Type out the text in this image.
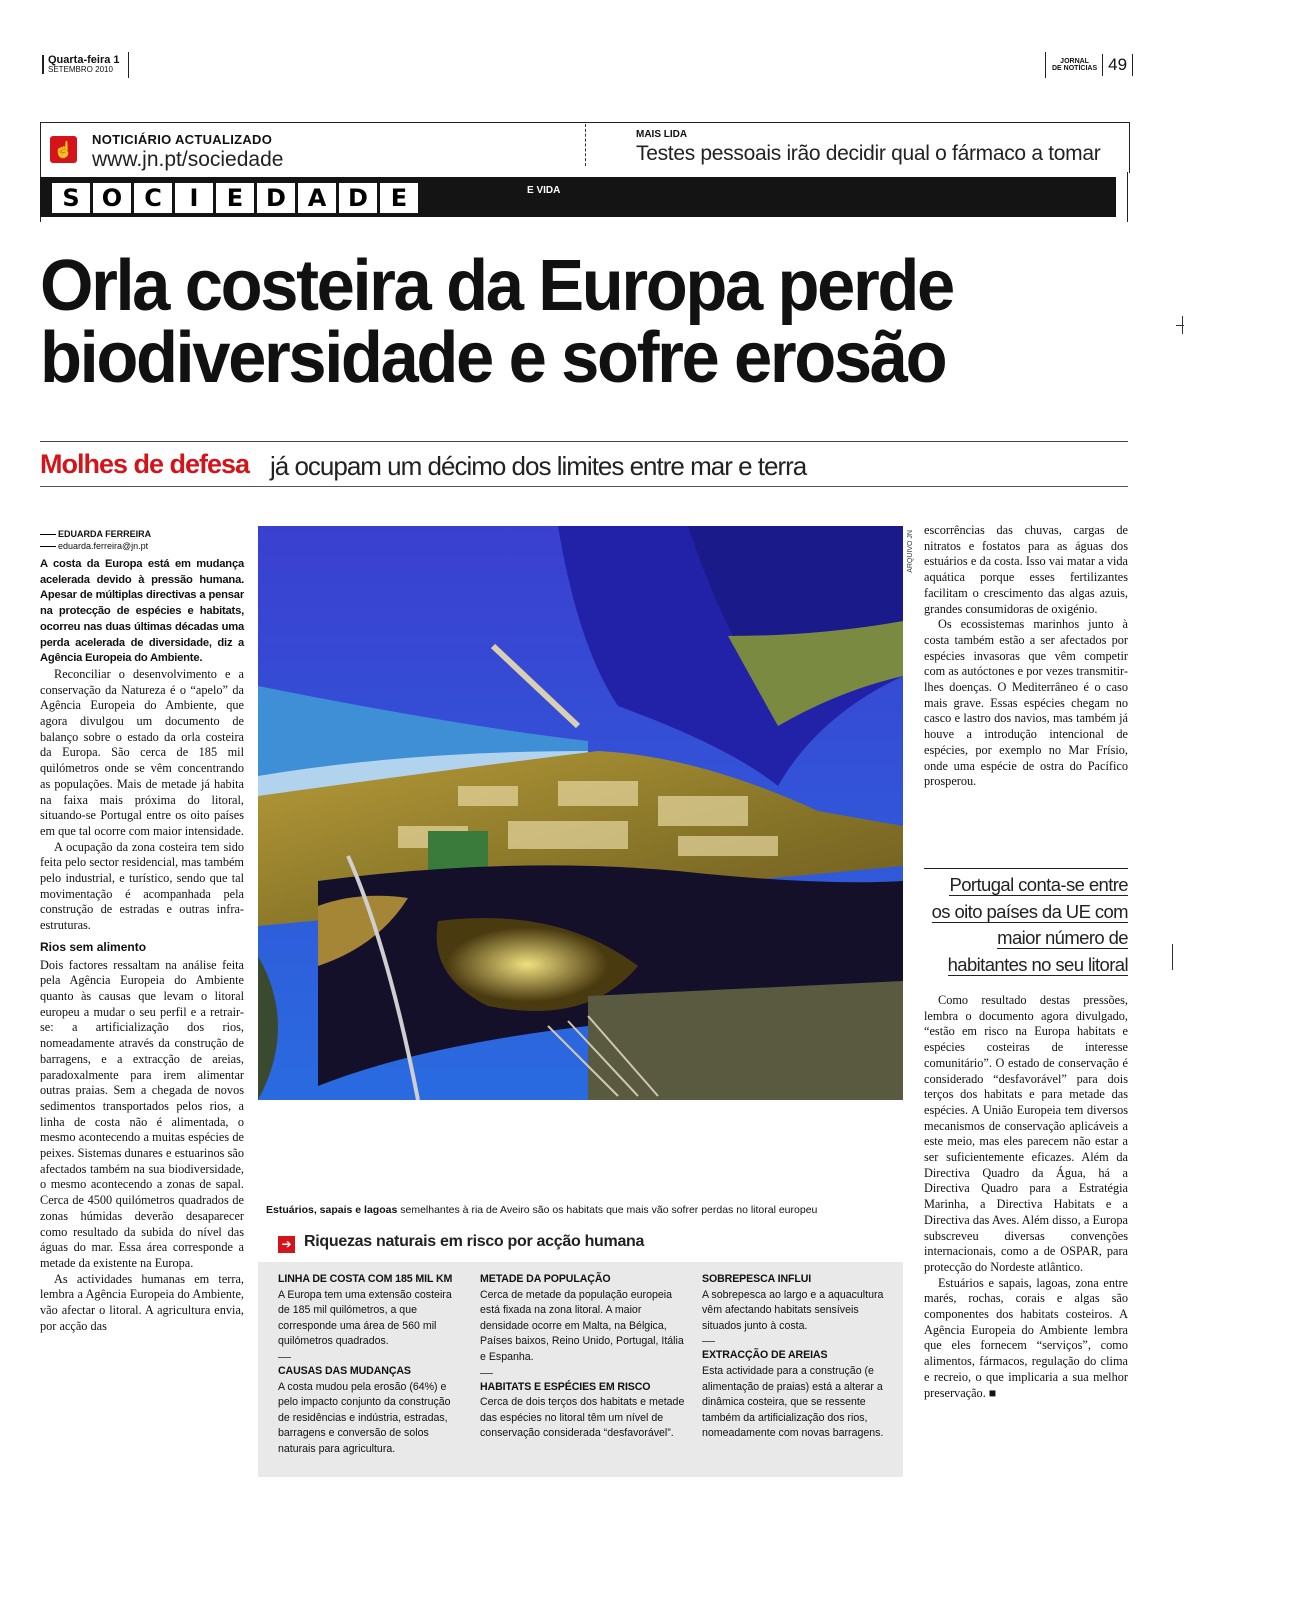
Quarta-feira 1
SETEMBRO 2010
JORNAL
DE NOTÍCIAS 49
☝
NOTICIÁRIO ACTUALIZADO
www.jn.pt/sociedade
MAIS LIDA
Testes pessoais irão decidir qual o fármaco a tomar
S O C	I	E D A D E	E VIDA
Orla costeira da Europa perde
biodiversidade e sofre erosão
Molhes de defesa já ocupam um décimo dos limites entre mar e terra
EDUARDA FERREIRA
eduarda.ferreira@jn.pt

A costa da Europa está em mudança acelerada devido à pressão humana. Apesar de múltiplas directivas a pensar na protecção de espécies e habitats, ocorreu nas duas últimas décadas uma perda acelerada de diversidade, diz a Agência Europeia do Ambiente.

Reconciliar o desenvolvimento e a conservação da Natureza é o “apelo” da Agência Europeia do Ambiente, que agora divulgou um documento de balanço sobre o estado da orla costeira da Europa. São cerca de 185 mil quilómetros onde se vêm concentrando as populações. Mais de metade já habita na faixa mais próxima do litoral, situando-se Portugal entre os oito países em que tal ocorre com maior intensidade.

A ocupação da zona costeira tem sido feita pelo sector residencial, mas também pelo industrial, e turístico, sendo que tal movimentação é acompanhada pela construção de estradas e outras infra-estruturas.

Rios sem alimento

Dois factores ressaltam na análise feita pela Agência Europeia do Ambiente quanto às causas que levam o litoral europeu a mudar o seu perfil e a retrair-se: a artificialização dos rios, nomeadamente através da construção de barragens, e a extracção de areias, paradoxalmente para irem alimentar outras praias. Sem a chegada de novos sedimentos transportados pelos rios, a linha de costa não é alimentada, o mesmo acontecendo a muitas espécies de peixes. Sistemas dunares e estuarinos são afectados também na sua biodiversidade, o mesmo acontecendo a zonas de sapal. Cerca de 4500 quilómetros quadrados de zonas húmidas deverão desaparecer como resultado da subida do nível das águas do mar. Essa área corresponde a metade da existente na Europa.

As actividades humanas em terra, lembra a Agência Europeia do Ambiente, vão afectar o litoral. A agricultura envia, por acção das

ARQUIVO JN
Estuários, sapais e lagoas semelhantes à ria de Aveiro são os habitats que mais vão sofrer perdas no litoral europeu
➔ Riquezas naturais em risco por acção humana
LINHA DE COSTA COM 185 MIL KM

A Europa tem uma extensão costeira de 185 mil quilómetros, a que corresponde uma área de 560 mil quilómetros quadrados.

CAUSAS DAS MUDANÇAS

A costa mudou pela erosão (64%) e pelo impacto conjunto da construção de residências e indústria, estradas, barragens e conversão de solos naturais para agricultura.

METADE DA POPULAÇÃO

Cerca de metade da população europeia está fixada na zona litoral. A maior densidade ocorre em Malta, na Bélgica, Países baixos, Reino Unido, Portugal, Itália e Espanha.

HABITATS E ESPÉCIES EM RISCO

Cerca de dois terços dos habitats e metade das espécies no litoral têm um nível de conservação considerada “desfavorável”.

SOBREPESCA INFLUI

A sobrepesca ao largo e a aquacultura vêm afectando habitats sensíveis situados junto à costa.

EXTRACÇÃO DE AREIAS

Esta actividade para a construção (e alimentação de praias) está a alterar a dinâmica costeira, que se ressente também da artificialização dos rios, nomeadamente com novas barragens.

escorrências das chuvas, cargas de nitratos e fostatos para as águas dos estuários e da costa. Isso vai matar a vida aquática porque esses fertilizantes facilitam o crescimento das algas azuis, grandes consumidoras de oxigénio.

Os ecossistemas marinhos junto à costa também estão a ser afectados por espécies invasoras que vêm competir com as autóctones e por vezes transmitir-lhes doenças. O Mediterrâneo é o caso mais grave. Essas espécies chegam no casco e lastro dos navios, mas também já houve a introdução intencional de espécies, por exemplo no Mar Frísio, onde uma espécie de ostra do Pacífico prosperou.

Portugal conta-se entre
os oito países da UE com
maior número de
habitantes no seu litoral

Como resultado destas pressões, lembra o documento agora divulgado, “estão em risco na Europa habitats e espécies costeiras de interesse comunitário”. O estado de conservação é considerado “desfavorável” para dois terços dos habitats e para metade das espécies. A União Europeia tem diversos mecanismos de conservação aplicáveis a este meio, mas eles parecem não estar a ser suficientemente eficazes. Além da Directiva Quadro da Água, há a Directiva Quadro para a Estratégia Marinha, a Directiva Habitats e a Directiva das Aves. Além disso, a Europa subscreveu diversas convenções internacionais, como a de OSPAR, para protecção do Nordeste atlântico.

Estuários e sapais, lagoas, zona entre marés, rochas, corais e algas são componentes dos habitats costeiros. A Agência Europeia do Ambiente lembra que eles fornecem “serviços”, como alimentos, fármacos, regulação do clima e recreio, o que implicaria a sua melhor preservação. ■
